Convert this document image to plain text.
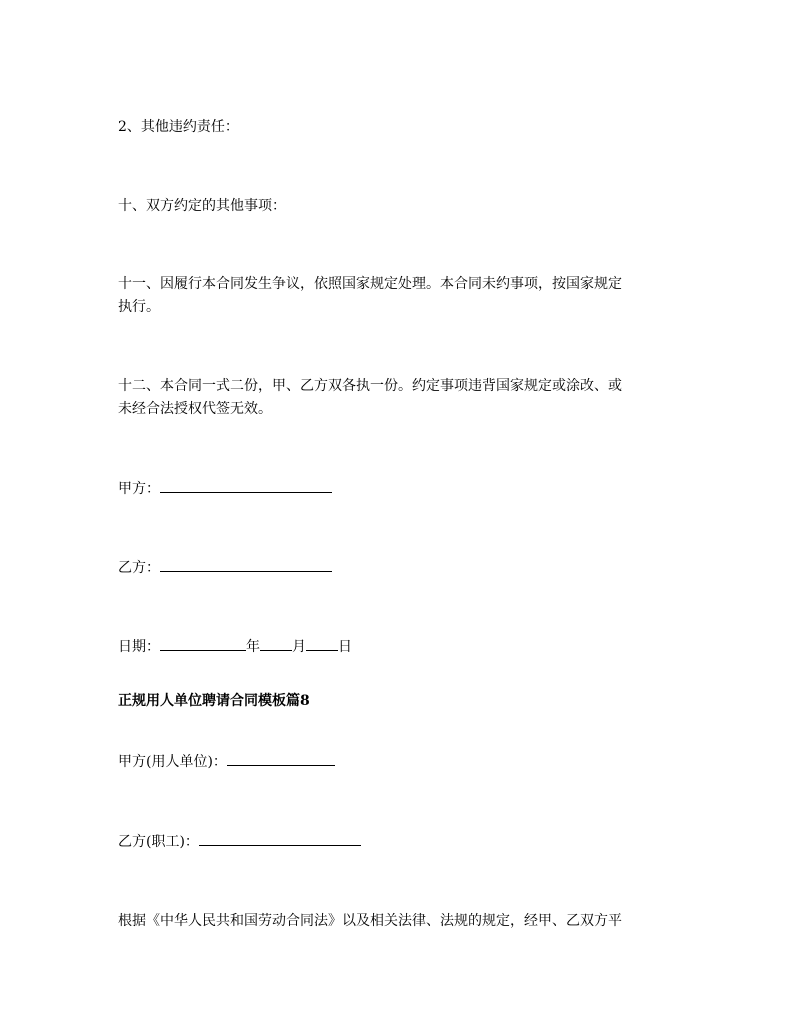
2、其他违约责任：
十、双方约定的其他事项：
十一、因履行本合同发生争议，依照国家规定处理。本合同未约事项，按国家规定
执行。
十二、本合同一式二份，甲、乙方双各执一份。约定事项违背国家规定或涂改、或
未经合法授权代签无效。
甲方：
乙方：
日期：	年 月 日
正规用人单位聘请合同模板篇8
甲方(用人单位)：
乙方(职工)：
根据《中华人民共和国劳动合同法》以及相关法律、法规的规定，经甲、乙双方平
